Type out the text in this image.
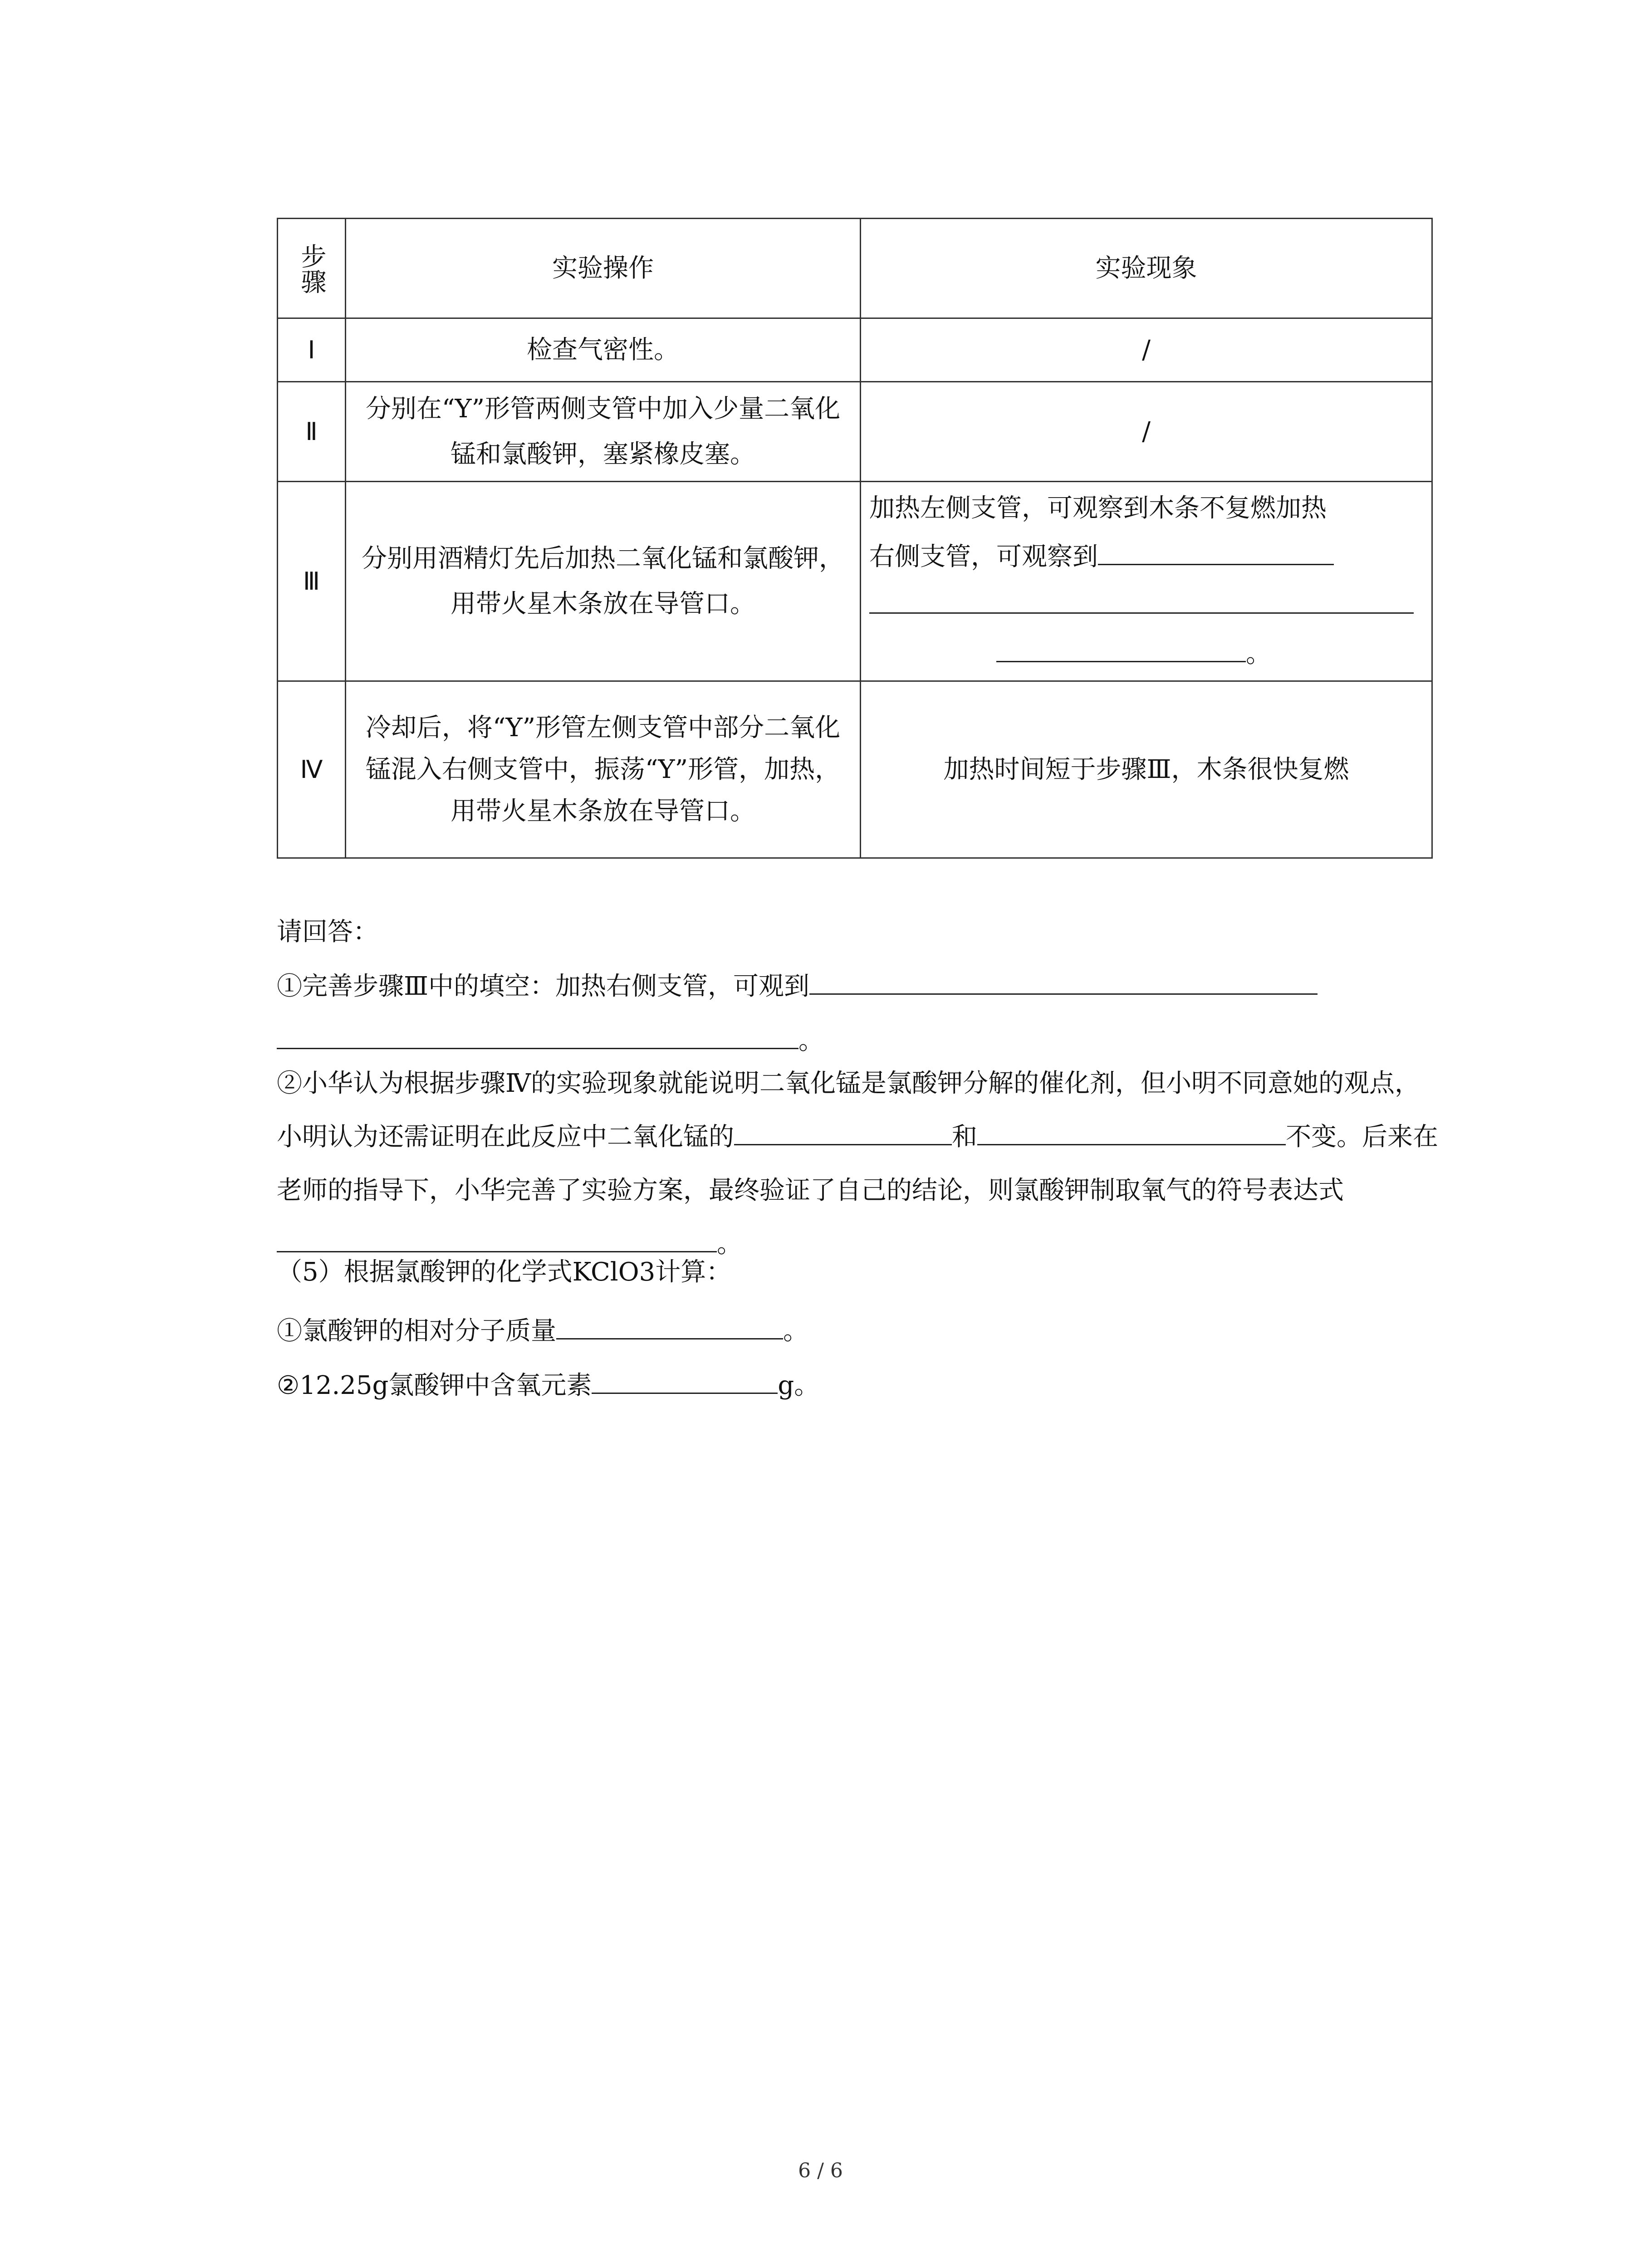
步骤	实验操作	实验现象
Ⅰ	检查气密性。	/
Ⅱ	分别在“Y”形管两侧支管中加入少量二氧化锰和氯酸钾，塞紧橡皮塞。	/
Ⅲ	分别用酒精灯先后加热二氧化锰和氯酸钾，用带火星木条放在导管口。	加热左侧支管，可观察到木条不复燃加热
右侧支管，可观察到
。

Ⅳ	冷却后，将“Y”形管左侧支管中部分二氧化锰混入右侧支管中，振荡“Y”形管，加热，用带火星木条放在导管口。	加热时间短于步骤Ⅲ，木条很快复燃
请回答：
①完善步骤Ⅲ中的填空：加热右侧支管，可观到
。
②小华认为根据步骤Ⅳ的实验现象就能说明二氧化锰是氯酸钾分解的催化剂，但小明不同意她的观点，小明认为还需证明在此反应中二氧化锰的	和	不变。后来在老师的指导下，小华完善了实验方案，最终验证了自己的结论，则氯酸钾制取氧气的符号表达式。
（5）根据氯酸钾的化学式KClO3计算：
①氯酸钾的相对分子质量	。
②12.25g氯酸钾中含氧元素	g。
6 / 6
